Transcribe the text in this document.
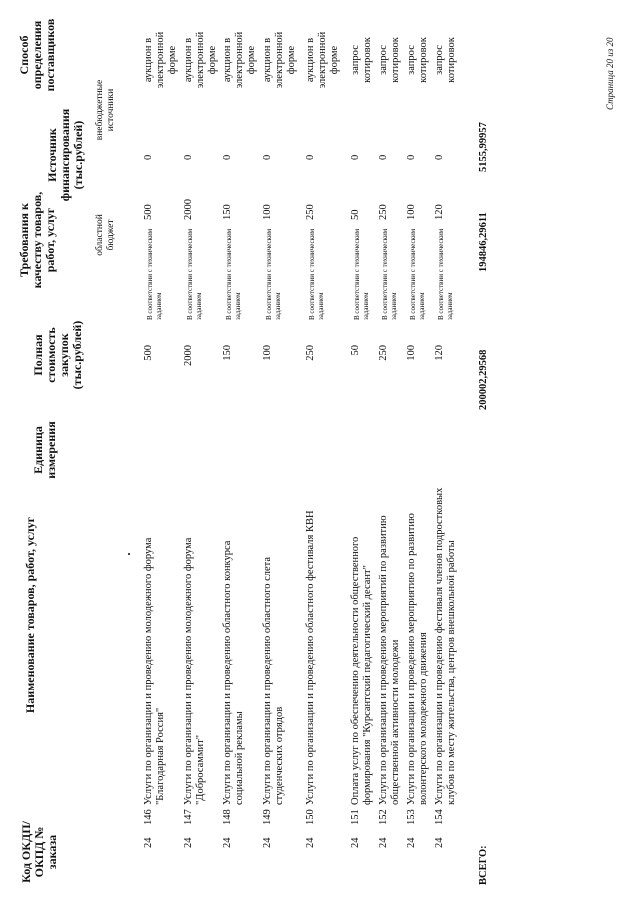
Код ОКДП/ ОКПД № заказа
Наименование товаров, работ, услуг
Единица измерения
Полная стоимость закупок (тыс.рублей)
Требования к качеству товаров, работ, услуг
Источник финансирования (тыс.рублей)
областной бюджет
внебюджетные источники
Способ определения поставщиков
24
146
Услуги по организации и проведению молодежного форума "Благодарная Россия"
500
В соответствии с техническим заданием
500
0
аукцион в электронной форме
24
147
Услуги по организации и проведению молодежного форума "Добросаммит"
2000
В соответствии с техническим заданием
2000
0
аукцион в электронной форме
24
148
Услуги по организации и проведению областного конкурса социальной рекламы
150
В соответствии с техническим заданием
150
0
аукцион в электронной форме
24
149
Услуги по организации и проведению областного слета студенческих отрядов
100
В соответствии с техническим заданием
100
0
аукцион в электронной форме
24
150
Услуги по организации и проведению областного фестиваля КВН
250
В соответствии с техническим заданием
250
0
аукцион в электронной форме
24
151
Оплата услуг по обеспечению деятельности общественного формирования "Курсантский педагогический десант"
50
В соответствии с техническим заданием
50
0
запрос котировок
24
152
Услуги по организации и проведению мероприятий по развитию общественной активности молодежи
250
В соответствии с техническим заданием
250
0
запрос котировок
24
153
Услуги по организации и проведению мероприятию по развитию волонтерского молодежного движения
100
В соответствии с техническим заданием
100
0
запрос котировок
24
154
Услуги по организации и проведению фестиваля членов подростковых клубов по месту жительства, центров внешкольной работы
120
В соответствии с техническим заданием
120
0
запрос котировок
ВСЕГО:
200002,29568
194846,29611
5155,99957
Страница 20 из 20
